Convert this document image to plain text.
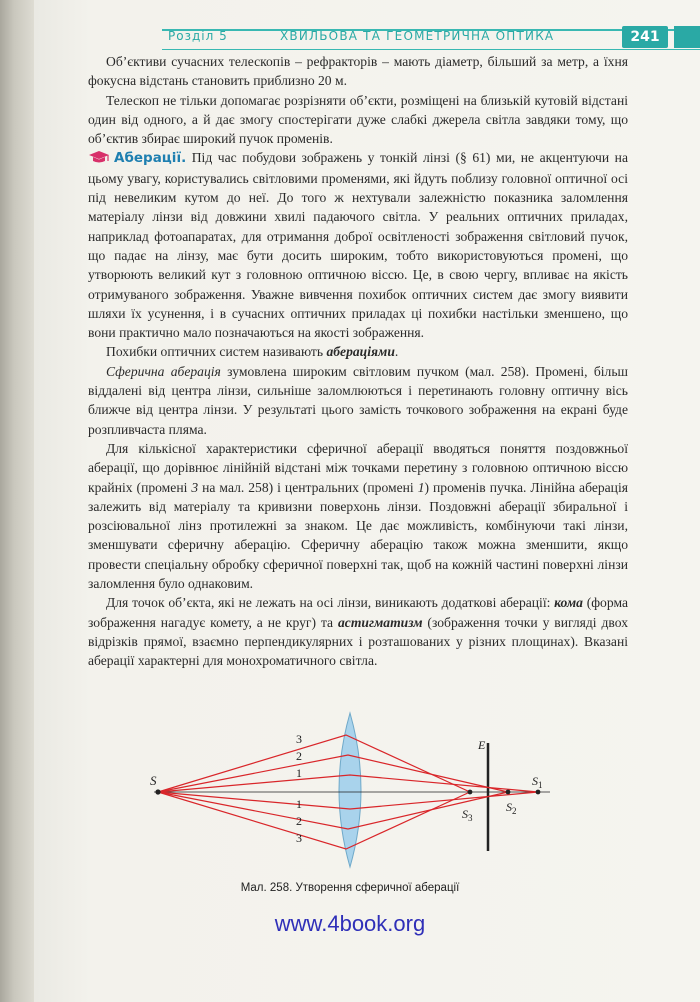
Розділ 5	ХВИЛЬОВА ТА ГЕОМЕТРИЧНА ОПТИКА	241

Об’єктиви сучасних телескопів – рефракторів – мають діаметр, більший за метр, а їхня фокусна відстань становить приблизно 20 м.

Телескоп не тільки допомагає розрізняти об’єкти, розміщені на близькій кутовій відстані один від одного, а й дає змогу спостерігати дуже слабкі джерела світла завдяки тому, що об’єктив збирає широкий пучок променів.

Аберації. Під час побудови зображень у тонкій лінзі (§ 61) ми, не акцентуючи на цьому увагу, користувались світловими променями, які йдуть поблизу головної оптичної осі під невеликим кутом до неї. До того ж нехтували залежністю показника заломлення матеріалу лінзи від довжини хвилі падаючого світла. У реальних оптичних приладах, наприклад фотоапаратах, для отримання доброї освітленості зображення світловий пучок, що падає на лінзу, має бути досить широким, тобто використовуються промені, що утворюють великий кут з головною оптичною віссю. Це, в свою чергу, впливає на якість отримуваного зображення. Уважне вивчення похибок оптичних систем дає змогу виявити шляхи їх усунення, і в сучасних оптичних приладах ці похибки настільки зменшено, що вони практично мало позначаються на якості зображення.

Похибки оптичних систем називають абераціями.

Сферична аберація зумовлена широким світловим пучком (мал. 258). Промені, більш віддалені від центра лінзи, сильніше заломлюються і перетинають головну оптичну вісь ближче від центра лінзи. У результаті цього замість точкового зображення на екрані буде розпливчаста пляма.

Для кількісної характеристики сферичної аберації вводяться поняття поздовжньої аберації, що дорівнює лінійній відстані між точками перетину з головною оптичною віссю крайніх (промені 3 на мал. 258) і центральних (промені 1) променів пучка. Лінійна аберація залежить від матеріалу та кривизни поверхонь лінзи. Поздовжні аберації збиральної і розсіювальної лінз протилежні за знаком. Це дає можливість, комбінуючи такі лінзи, зменшувати сферичну аберацію. Сферичну аберацію також можна зменшити, якщо провести спеціальну обробку сферичної поверхні так, щоб на кожній частині поверхні лінзи заломлення було однаковим.

Для точок об’єкта, які не лежать на осі лінзи, виникають додаткові аберації: кома (форма зображення нагадує комету, а не круг) та астигматизм (зображення точки у вигляді двох відрізків прямої, взаємно перпендикулярних і розташованих у різних площинах). Вказані аберації характерні для монохроматичного світла.

S
E
3
2
1
1
2
3
$S_1$
$S_2$
$S_3$
Мал. 258. Утворення сферичної аберації
www.4book.org
